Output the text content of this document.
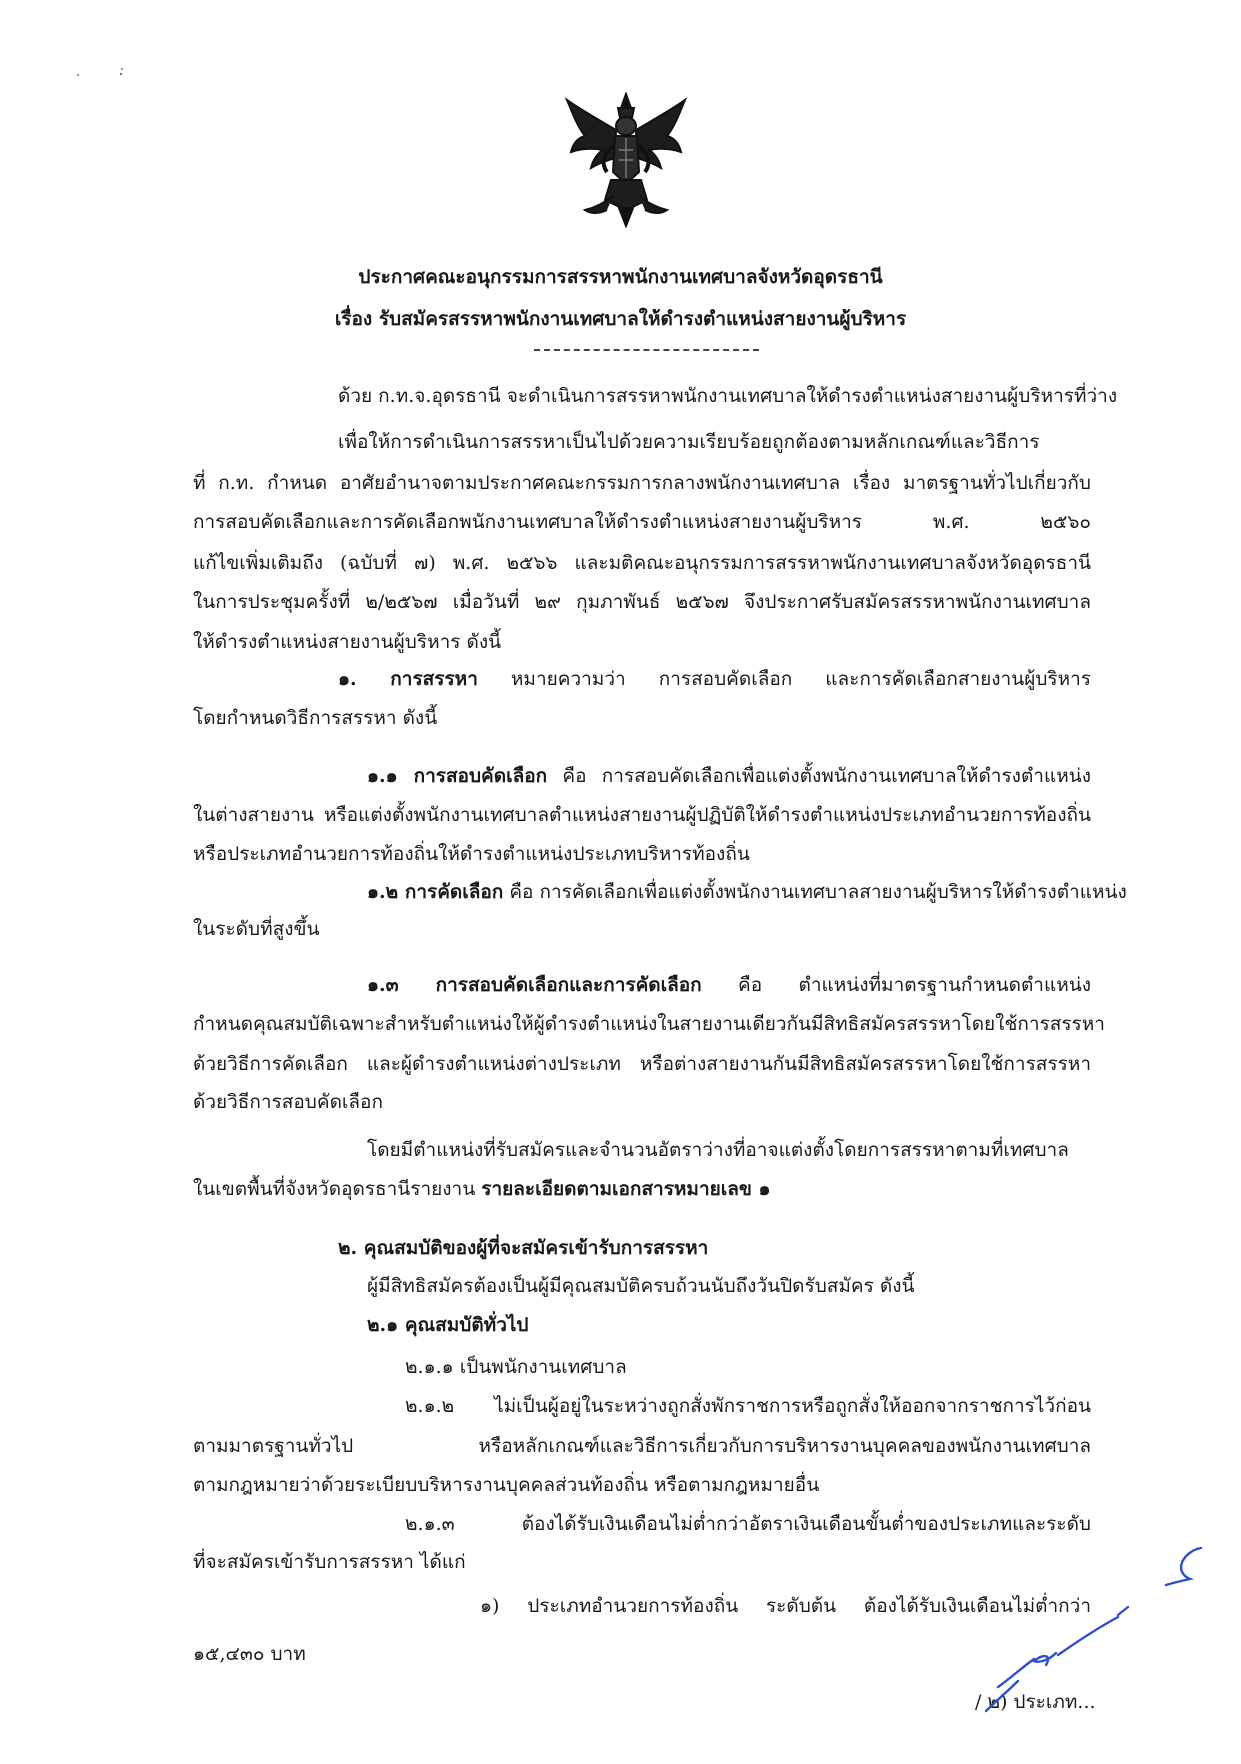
ประกาศคณะอนุกรรมการสรรหาพนักงานเทศบาลจังหวัดอุดรธานี
เรื่อง รับสมัครสรรหาพนักงานเทศบาลให้ดำรงตำแหน่งสายงานผู้บริหาร
ด้วย ก.ท.จ.อุดรธานี จะดำเนินการสรรหาพนักงานเทศบาลให้ดำรงตำแหน่งสายงานผู้บริหารที่ว่าง
เพื่อให้การดำเนินการสรรหาเป็นไปด้วยความเรียบร้อยถูกต้องตามหลักเกณฑ์และวิธีการ
ที่ ก.ท. กำหนด อาศัยอำนาจตามประกาศคณะกรรมการกลางพนักงานเทศบาล เรื่อง มาตรฐานทั่วไปเกี่ยวกับ
การสอบคัดเลือกและการคัดเลือกพนักงานเทศบาลให้ดำรงตำแหน่งสายงานผู้บริหาร พ.ศ. ๒๕๖๐
แก้ไขเพิ่มเติมถึง (ฉบับที่ ๗) พ.ศ. ๒๕๖๖ และมติคณะอนุกรรมการสรรหาพนักงานเทศบาลจังหวัดอุดรธานี
ในการประชุมครั้งที่ ๒/๒๕๖๗ เมื่อวันที่ ๒๙ กุมภาพันธ์ ๒๕๖๗ จึงประกาศรับสมัครสรรหาพนักงานเทศบาล
ให้ดำรงตำแหน่งสายงานผู้บริหาร ดังนี้
๑. การสรรหา หมายความว่า การสอบคัดเลือก และการคัดเลือกสายงานผู้บริหาร
โดยกำหนดวิธีการสรรหา ดังนี้
๑.๑ การสอบคัดเลือก คือ การสอบคัดเลือกเพื่อแต่งตั้งพนักงานเทศบาลให้ดำรงตำแหน่ง
ในต่างสายงาน หรือแต่งตั้งพนักงานเทศบาลตำแหน่งสายงานผู้ปฏิบัติให้ดำรงตำแหน่งประเภทอำนวยการท้องถิ่น
หรือประเภทอำนวยการท้องถิ่นให้ดำรงตำแหน่งประเภทบริหารท้องถิ่น
๑.๒ การคัดเลือก คือ การคัดเลือกเพื่อแต่งตั้งพนักงานเทศบาลสายงานผู้บริหารให้ดำรงตำแหน่ง
ในระดับที่สูงขึ้น
๑.๓ การสอบคัดเลือกและการคัดเลือก คือ ตำแหน่งที่มาตรฐานกำหนดตำแหน่ง
กำหนดคุณสมบัติเฉพาะสำหรับตำแหน่งให้ผู้ดำรงตำแหน่งในสายงานเดียวกันมีสิทธิสมัครสรรหาโดยใช้การสรรหา
ด้วยวิธีการคัดเลือก และผู้ดำรงตำแหน่งต่างประเภท หรือต่างสายงานกันมีสิทธิสมัครสรรหาโดยใช้การสรรหา
ด้วยวิธีการสอบคัดเลือก
โดยมีตำแหน่งที่รับสมัครและจำนวนอัตราว่างที่อาจแต่งตั้งโดยการสรรหาตามที่เทศบาล
ในเขตพื้นที่จังหวัดอุดรธานีรายงาน รายละเอียดตามเอกสารหมายเลข ๑
๒. คุณสมบัติของผู้ที่จะสมัครเข้ารับการสรรหา
ผู้มีสิทธิสมัครต้องเป็นผู้มีคุณสมบัติครบถ้วนนับถึงวันปิดรับสมัคร ดังนี้
๒.๑ คุณสมบัติทั่วไป
๒.๑.๑ เป็นพนักงานเทศบาล
๒.๑.๒ ไม่เป็นผู้อยู่ในระหว่างถูกสั่งพักราชการหรือถูกสั่งให้ออกจากราชการไว้ก่อน
ตามมาตรฐานทั่วไป หรือหลักเกณฑ์และวิธีการเกี่ยวกับการบริหารงานบุคคลของพนักงานเทศบาล
ตามกฎหมายว่าด้วยระเบียบบริหารงานบุคคลส่วนท้องถิ่น หรือตามกฎหมายอื่น
๒.๑.๓ ต้องได้รับเงินเดือนไม่ต่ำกว่าอัตราเงินเดือนขั้นต่ำของประเภทและระดับ
ที่จะสมัครเข้ารับการสรรหา ได้แก่
๑) ประเภทอำนวยการท้องถิ่น ระดับต้น ต้องได้รับเงินเดือนไม่ต่ำกว่า
๑๕,๔๓๐ บาท
/ ๒) ประเภท...
